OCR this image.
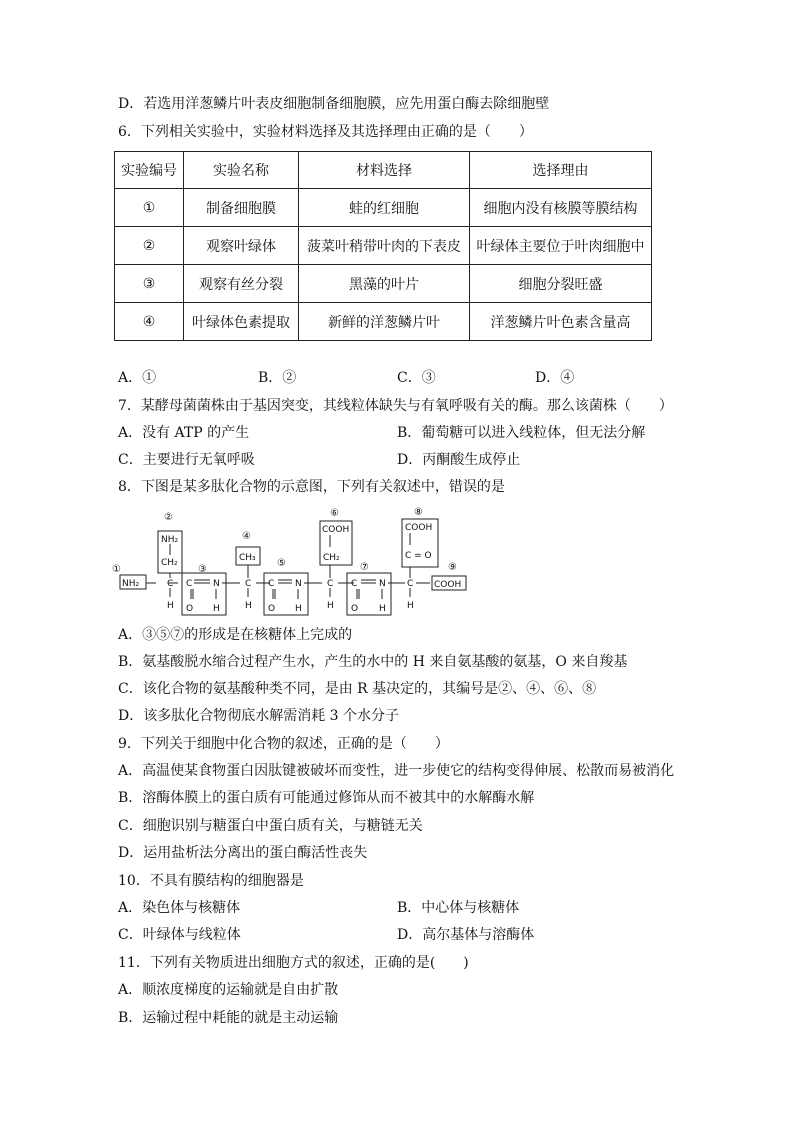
D．若选用洋葱鳞片叶表皮细胞制备细胞膜，应先用蛋白酶去除细胞壁
6．下列相关实验中，实验材料选择及其选择理由正确的是（　　）
实验编号	实验名称	材料选择	选择理由
①	制备细胞膜	蛙的红细胞	细胞内没有核膜等膜结构
②	观察叶绿体	菠菜叶稍带叶肉的下表皮	叶绿体主要位于叶肉细胞中
③	观察有丝分裂	黑藻的叶片	细胞分裂旺盛
④	叶绿体色素提取	新鲜的洋葱鳞片叶	洋葱鳞片叶色素含量高
A．①	B．②	C．③	D．④
7．某酵母菌菌株由于基因突变，其线粒体缺失与有氧呼吸有关的酶。那么该菌株（　　）
A．没有 ATP 的产生	B．葡萄糖可以进入线粒体，但无法分解
C．主要进行无氧呼吸	D．丙酮酸生成停止
8．下图是某多肽化合物的示意图，下列有关叙述中，错误的是
①
②
③
④
⑤
⑥
⑦
⑧
⑨
NH₂
NH₂
CH₂
C
H
C N
O H
CH₃
C
H
C N
O H
COOH
CH₂
C
H
C N
O H
COOH
C = O
C
H
COOH
A．③⑤⑦的形成是在核糖体上完成的
B．氨基酸脱水缩合过程产生水，产生的水中的 H 来自氨基酸的氨基，O 来自羧基
C．该化合物的氨基酸种类不同，是由 R 基决定的，其编号是②、④、⑥、⑧
D．该多肽化合物彻底水解需消耗 3 个水分子
9．下列关于细胞中化合物的叙述，正确的是（　　）
A．高温使某食物蛋白因肽键被破坏而变性，进一步使它的结构变得伸展、松散而易被消化
B．溶酶体膜上的蛋白质有可能通过修饰从而不被其中的水解酶水解
C．细胞识别与糖蛋白中蛋白质有关，与糖链无关
D．运用盐析法分离出的蛋白酶活性丧失
10．不具有膜结构的细胞器是
A．染色体与核糖体	B．中心体与核糖体
C．叶绿体与线粒体	D．高尔基体与溶酶体
11．下列有关物质进出细胞方式的叙述，正确的是(　　)
A．顺浓度梯度的运输就是自由扩散
B．运输过程中耗能的就是主动运输
